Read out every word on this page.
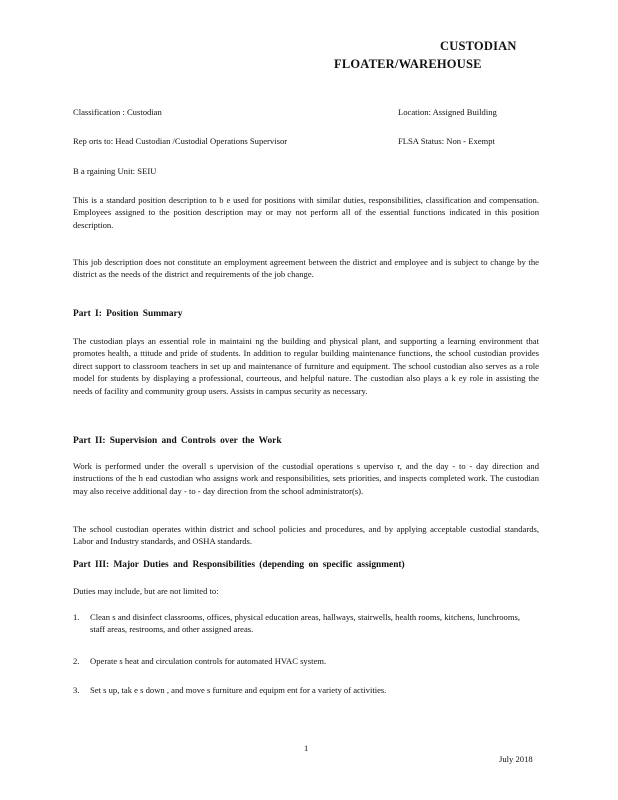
CUSTODIAN
FLOATER/WAREHOUSE
Classification : Custodian	Location: Assigned Building
Rep orts to: Head Custodian /Custodial Operations Supervisor	FLSA Status: Non - Exempt
B a rgaining Unit: SEIU
This is a standard position description to b e used for positions with similar duties, responsibilities, classification and compensation. Employees assigned to the position description may or may not perform all of the essential functions indicated in this position description.
This job description does not constitute an employment agreement between the district and employee and is subject to change by the district as the needs of the district and requirements of the job change.
Part I: Position Summary
The custodian plays an essential role in maintaini ng the building and physical plant, and supporting a learning environment that promotes health, a ttitude and pride of students. In addition to regular building maintenance functions, the school custodian provides direct support to classroom teachers in set up and maintenance of furniture and equipment. The school custodian also serves as a role model for students by displaying a professional, courteous, and helpful nature. The custodian also plays a k ey role in assisting the needs of facility and community group users. Assists in campus security as necessary.
Part II: Supervision and Controls over the Work
Work is performed under the overall s upervision of the custodial operations s uperviso r, and the day - to - day direction and instructions of the h ead custodian who assigns work and responsibilities, sets priorities, and inspects completed work. The custodian may also receive additional day - to - day direction from the school administrator(s).
The school custodian operates within district and school policies and procedures, and by applying acceptable custodial standards, Labor and Industry standards, and OSHA standards.
Part III: Major Duties and Responsibilities (depending on specific assignment)
Duties may include, but are not limited to:
1. Clean s and disinfect classrooms, offices, physical education areas, hallways, stairwells, health rooms, kitchens, lunchrooms, staff areas, restrooms, and other assigned areas.
2. Operate s heat and circulation controls for automated HVAC system.
3. Set s up, tak e s down , and move s furniture and equipm ent for a variety of activities.
1
July 2018
